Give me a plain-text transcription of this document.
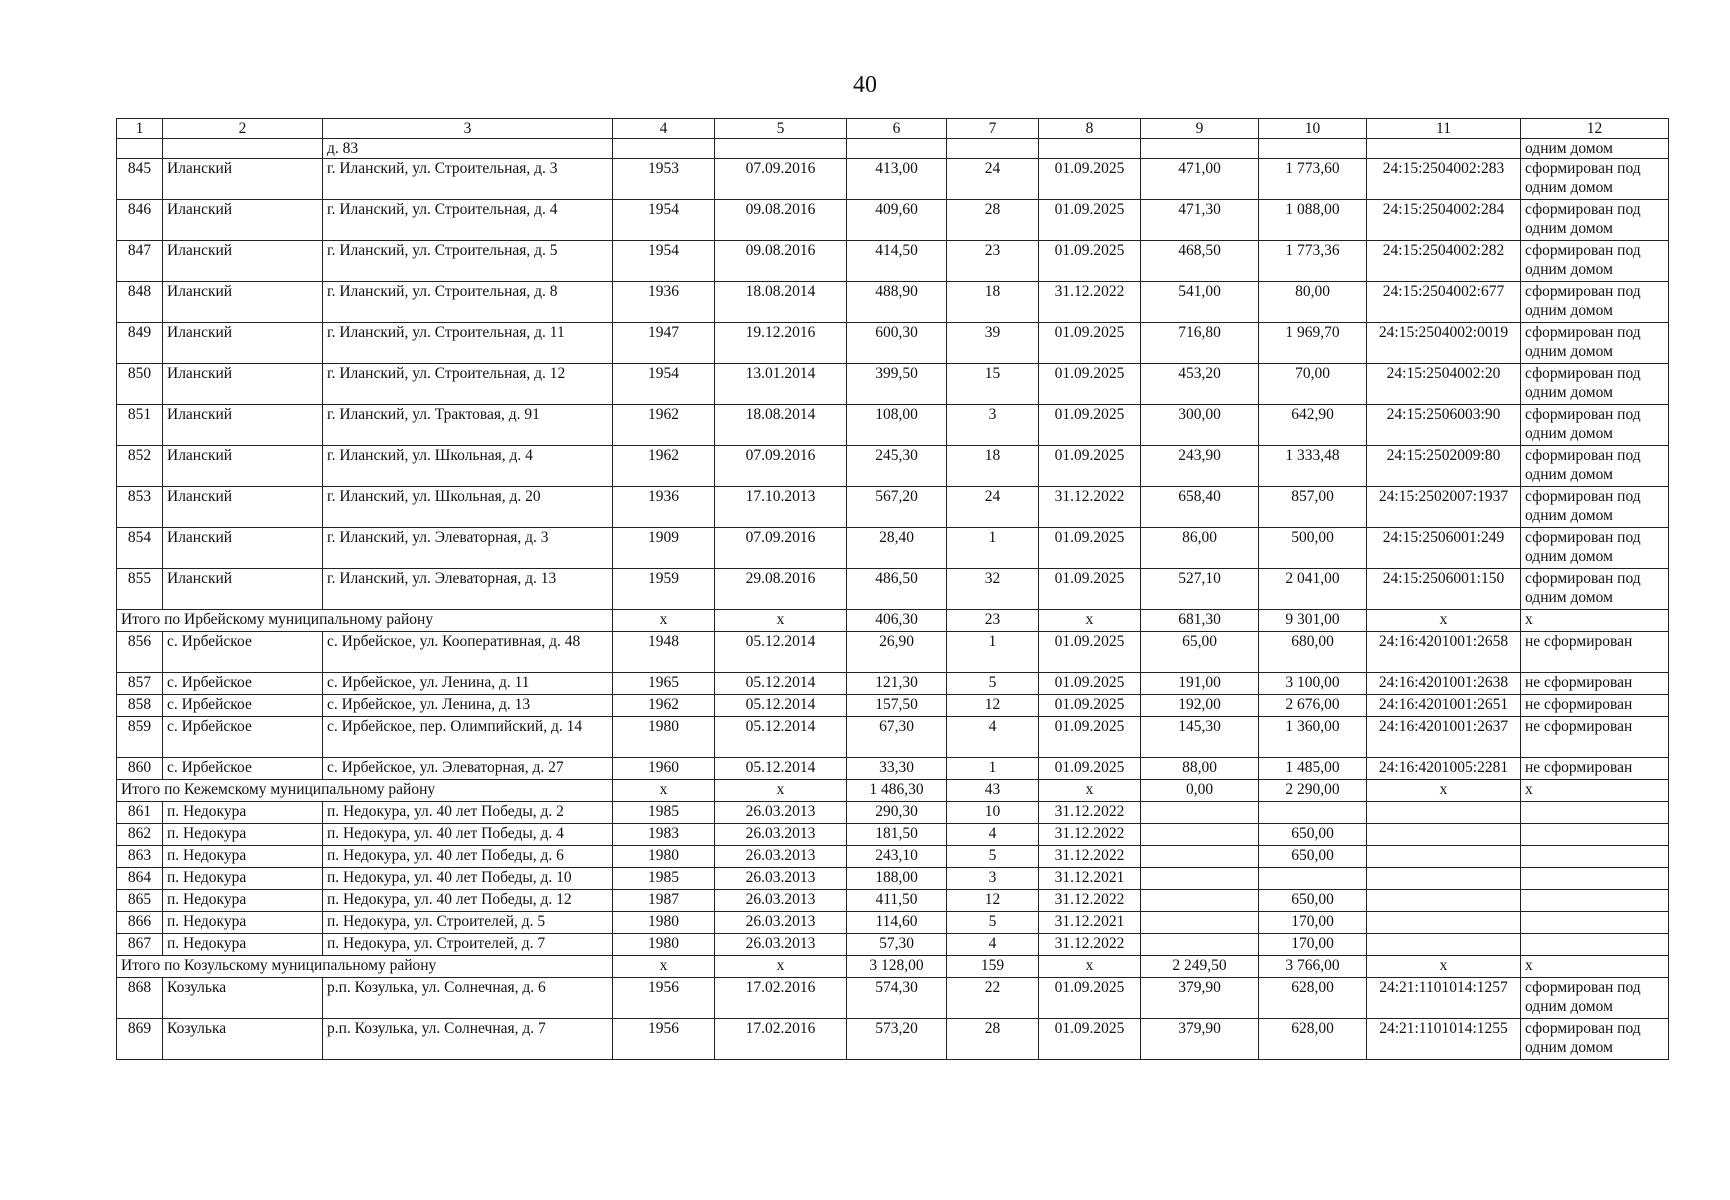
40
1	2	3	4	5	6	7	8	9	10	11	12
		д. 83									одним домом
845	Иланский	г. Иланский, ул. Строительная, д. 3	1953	07.09.2016	413,00	24	01.09.2025	471,00	1 773,60	24:15:2504002:283	сформирован под одним домом
846	Иланский	г. Иланский, ул. Строительная, д. 4	1954	09.08.2016	409,60	28	01.09.2025	471,30	1 088,00	24:15:2504002:284	сформирован под одним домом
847	Иланский	г. Иланский, ул. Строительная, д. 5	1954	09.08.2016	414,50	23	01.09.2025	468,50	1 773,36	24:15:2504002:282	сформирован под одним домом
848	Иланский	г. Иланский, ул. Строительная, д. 8	1936	18.08.2014	488,90	18	31.12.2022	541,00	80,00	24:15:2504002:677	сформирован под одним домом
849	Иланский	г. Иланский, ул. Строительная, д. 11	1947	19.12.2016	600,30	39	01.09.2025	716,80	1 969,70	24:15:2504002:0019	сформирован под одним домом
850	Иланский	г. Иланский, ул. Строительная, д. 12	1954	13.01.2014	399,50	15	01.09.2025	453,20	70,00	24:15:2504002:20	сформирован под одним домом
851	Иланский	г. Иланский, ул. Трактовая, д. 91	1962	18.08.2014	108,00	3	01.09.2025	300,00	642,90	24:15:2506003:90	сформирован под одним домом
852	Иланский	г. Иланский, ул. Школьная, д. 4	1962	07.09.2016	245,30	18	01.09.2025	243,90	1 333,48	24:15:2502009:80	сформирован под одним домом
853	Иланский	г. Иланский, ул. Школьная, д. 20	1936	17.10.2013	567,20	24	31.12.2022	658,40	857,00	24:15:2502007:1937	сформирован под одним домом
854	Иланский	г. Иланский, ул. Элеваторная, д. 3	1909	07.09.2016	28,40	1	01.09.2025	86,00	500,00	24:15:2506001:249	сформирован под одним домом
855	Иланский	г. Иланский, ул. Элеваторная, д. 13	1959	29.08.2016	486,50	32	01.09.2025	527,10	2 041,00	24:15:2506001:150	сформирован под одним домом
Итого по Ирбейскому муниципальному району			x	x	406,30	23	x	681,30	9 301,00	x	x
856	с. Ирбейское	с. Ирбейское, ул. Кооперативная, д. 48	1948	05.12.2014	26,90	1	01.09.2025	65,00	680,00	24:16:4201001:2658	не сформирован
857	с. Ирбейское	с. Ирбейское, ул. Ленина, д. 11	1965	05.12.2014	121,30	5	01.09.2025	191,00	3 100,00	24:16:4201001:2638	не сформирован
858	с. Ирбейское	с. Ирбейское, ул. Ленина, д. 13	1962	05.12.2014	157,50	12	01.09.2025	192,00	2 676,00	24:16:4201001:2651	не сформирован
859	с. Ирбейское	с. Ирбейское, пер. Олимпийский, д. 14	1980	05.12.2014	67,30	4	01.09.2025	145,30	1 360,00	24:16:4201001:2637	не сформирован
860	с. Ирбейское	с. Ирбейское, ул. Элеваторная, д. 27	1960	05.12.2014	33,30	1	01.09.2025	88,00	1 485,00	24:16:4201005:2281	не сформирован
Итого по Кежемскому муниципальному району			x	x	1 486,30	43	x	0,00	2 290,00	x	x
861	п. Недокура	п. Недокура, ул. 40 лет Победы, д. 2	1985	26.03.2013	290,30	10	31.12.2022				
862	п. Недокура	п. Недокура, ул. 40 лет Победы, д. 4	1983	26.03.2013	181,50	4	31.12.2022		650,00		
863	п. Недокура	п. Недокура, ул. 40 лет Победы, д. 6	1980	26.03.2013	243,10	5	31.12.2022		650,00		
864	п. Недокура	п. Недокура, ул. 40 лет Победы, д. 10	1985	26.03.2013	188,00	3	31.12.2021				
865	п. Недокура	п. Недокура, ул. 40 лет Победы, д. 12	1987	26.03.2013	411,50	12	31.12.2022		650,00		
866	п. Недокура	п. Недокура, ул. Строителей, д. 5	1980	26.03.2013	114,60	5	31.12.2021		170,00		
867	п. Недокура	п. Недокура, ул. Строителей, д. 7	1980	26.03.2013	57,30	4	31.12.2022		170,00		
Итого по Козульскому муниципальному району			x	x	3 128,00	159	x	2 249,50	3 766,00	x	x
868	Козулька	р.п. Козулька, ул. Солнечная, д. 6	1956	17.02.2016	574,30	22	01.09.2025	379,90	628,00	24:21:1101014:1257	сформирован под одним домом
869	Козулька	р.п. Козулька, ул. Солнечная, д. 7	1956	17.02.2016	573,20	28	01.09.2025	379,90	628,00	24:21:1101014:1255	сформирован под одним домом
